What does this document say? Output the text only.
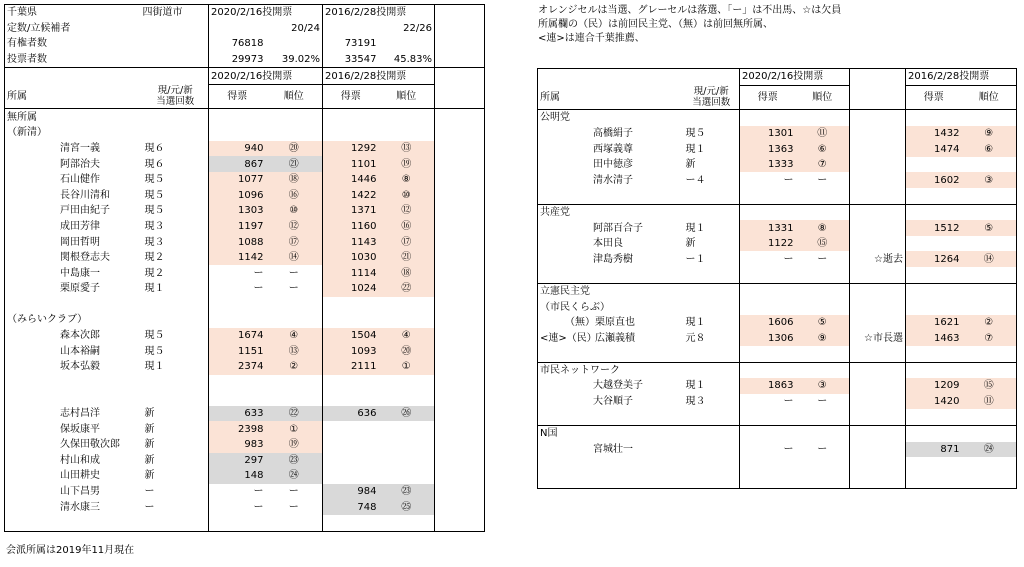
千葉県	四街道市	2020/2/16投開票		2016/2/28投開票		
定数/立候補者		20/24		22/26		
有権者数		76818		73191		
投票者数		29973	39.02%	33547	45.83%	
		2020/2/16投開票		2016/2/28投開票		
所属	現/元/新
当選回数	得票	順位	得票	順位	
無所属						
（新清）						
清宮一義	現６	940	⑳	1292	⑬	
阿部治夫	現６	867	㉑	1101	⑲	
石山健作	現５	1077	⑱	1446	⑧	
長谷川清和	現５	1096	⑯	1422	⑩	
戸田由紀子	現５	1303	⑩	1371	⑫	
成田芳律	現３	1197	⑫	1160	⑯	
岡田哲明	現３	1088	⑰	1143	⑰	
関根登志夫	現２	1142	⑭	1030	㉑	
中島康一	現２	ー	ー	1114	⑱	
栗原愛子	現１	ー	ー	1024	㉒	

（みらいクラブ）						
森本次郎	現５	1674	④	1504	④	
山本裕嗣	現５	1151	⑬	1093	⑳	
坂本弘毅	現１	2374	②	2111	①	

志村昌洋	新	633	㉒	636	㉖	
保坂康平	新	2398	①			
久保田敬次郎	新	983	⑲			
村山和成	新	297	㉓			
山田耕史	新	148	㉔			
山下昌男	ー	ー	ー	984	㉓	
清水康三	ー	ー	ー	748	㉕	

オレンジセルは当選、グレーセルは落選、「ー」は不出馬、☆は欠員
所属欄の（民）は前回民主党、（無）は前回無所属、
<連>は連合千葉推薦、
		2020/2/16投開票			2016/2/28投開票	
所属	現/元/新
当選回数	得票	順位		得票	順位
公明党						
高橋絹子	現５	1301	⑪		1432	⑨
西塚義尊	現１	1363	⑥		1474	⑥
田中徳彦	新	1333	⑦			
清水清子	ー４	ー	ー		1602	③

共産党						
阿部百合子	現１	1331	⑧		1512	⑤
本田良	新	1122	⑮			
津島秀樹	ー１	ー	ー	☆逝去	1264	⑭

立憲民主党						
（市民くらぶ）						
（無）栗原直也	現１	1606	⑤		1621	②
<連>（民）広瀬義積	元８	1306	⑨	☆市長選	1463	⑦

市民ネットワーク						
大越登美子	現１	1863	③		1209	⑮
大谷順子	現３	ー	ー		1420	⑪

N国						
宮城壮一		ー	ー		871	㉔

会派所属は2019年11月現在
